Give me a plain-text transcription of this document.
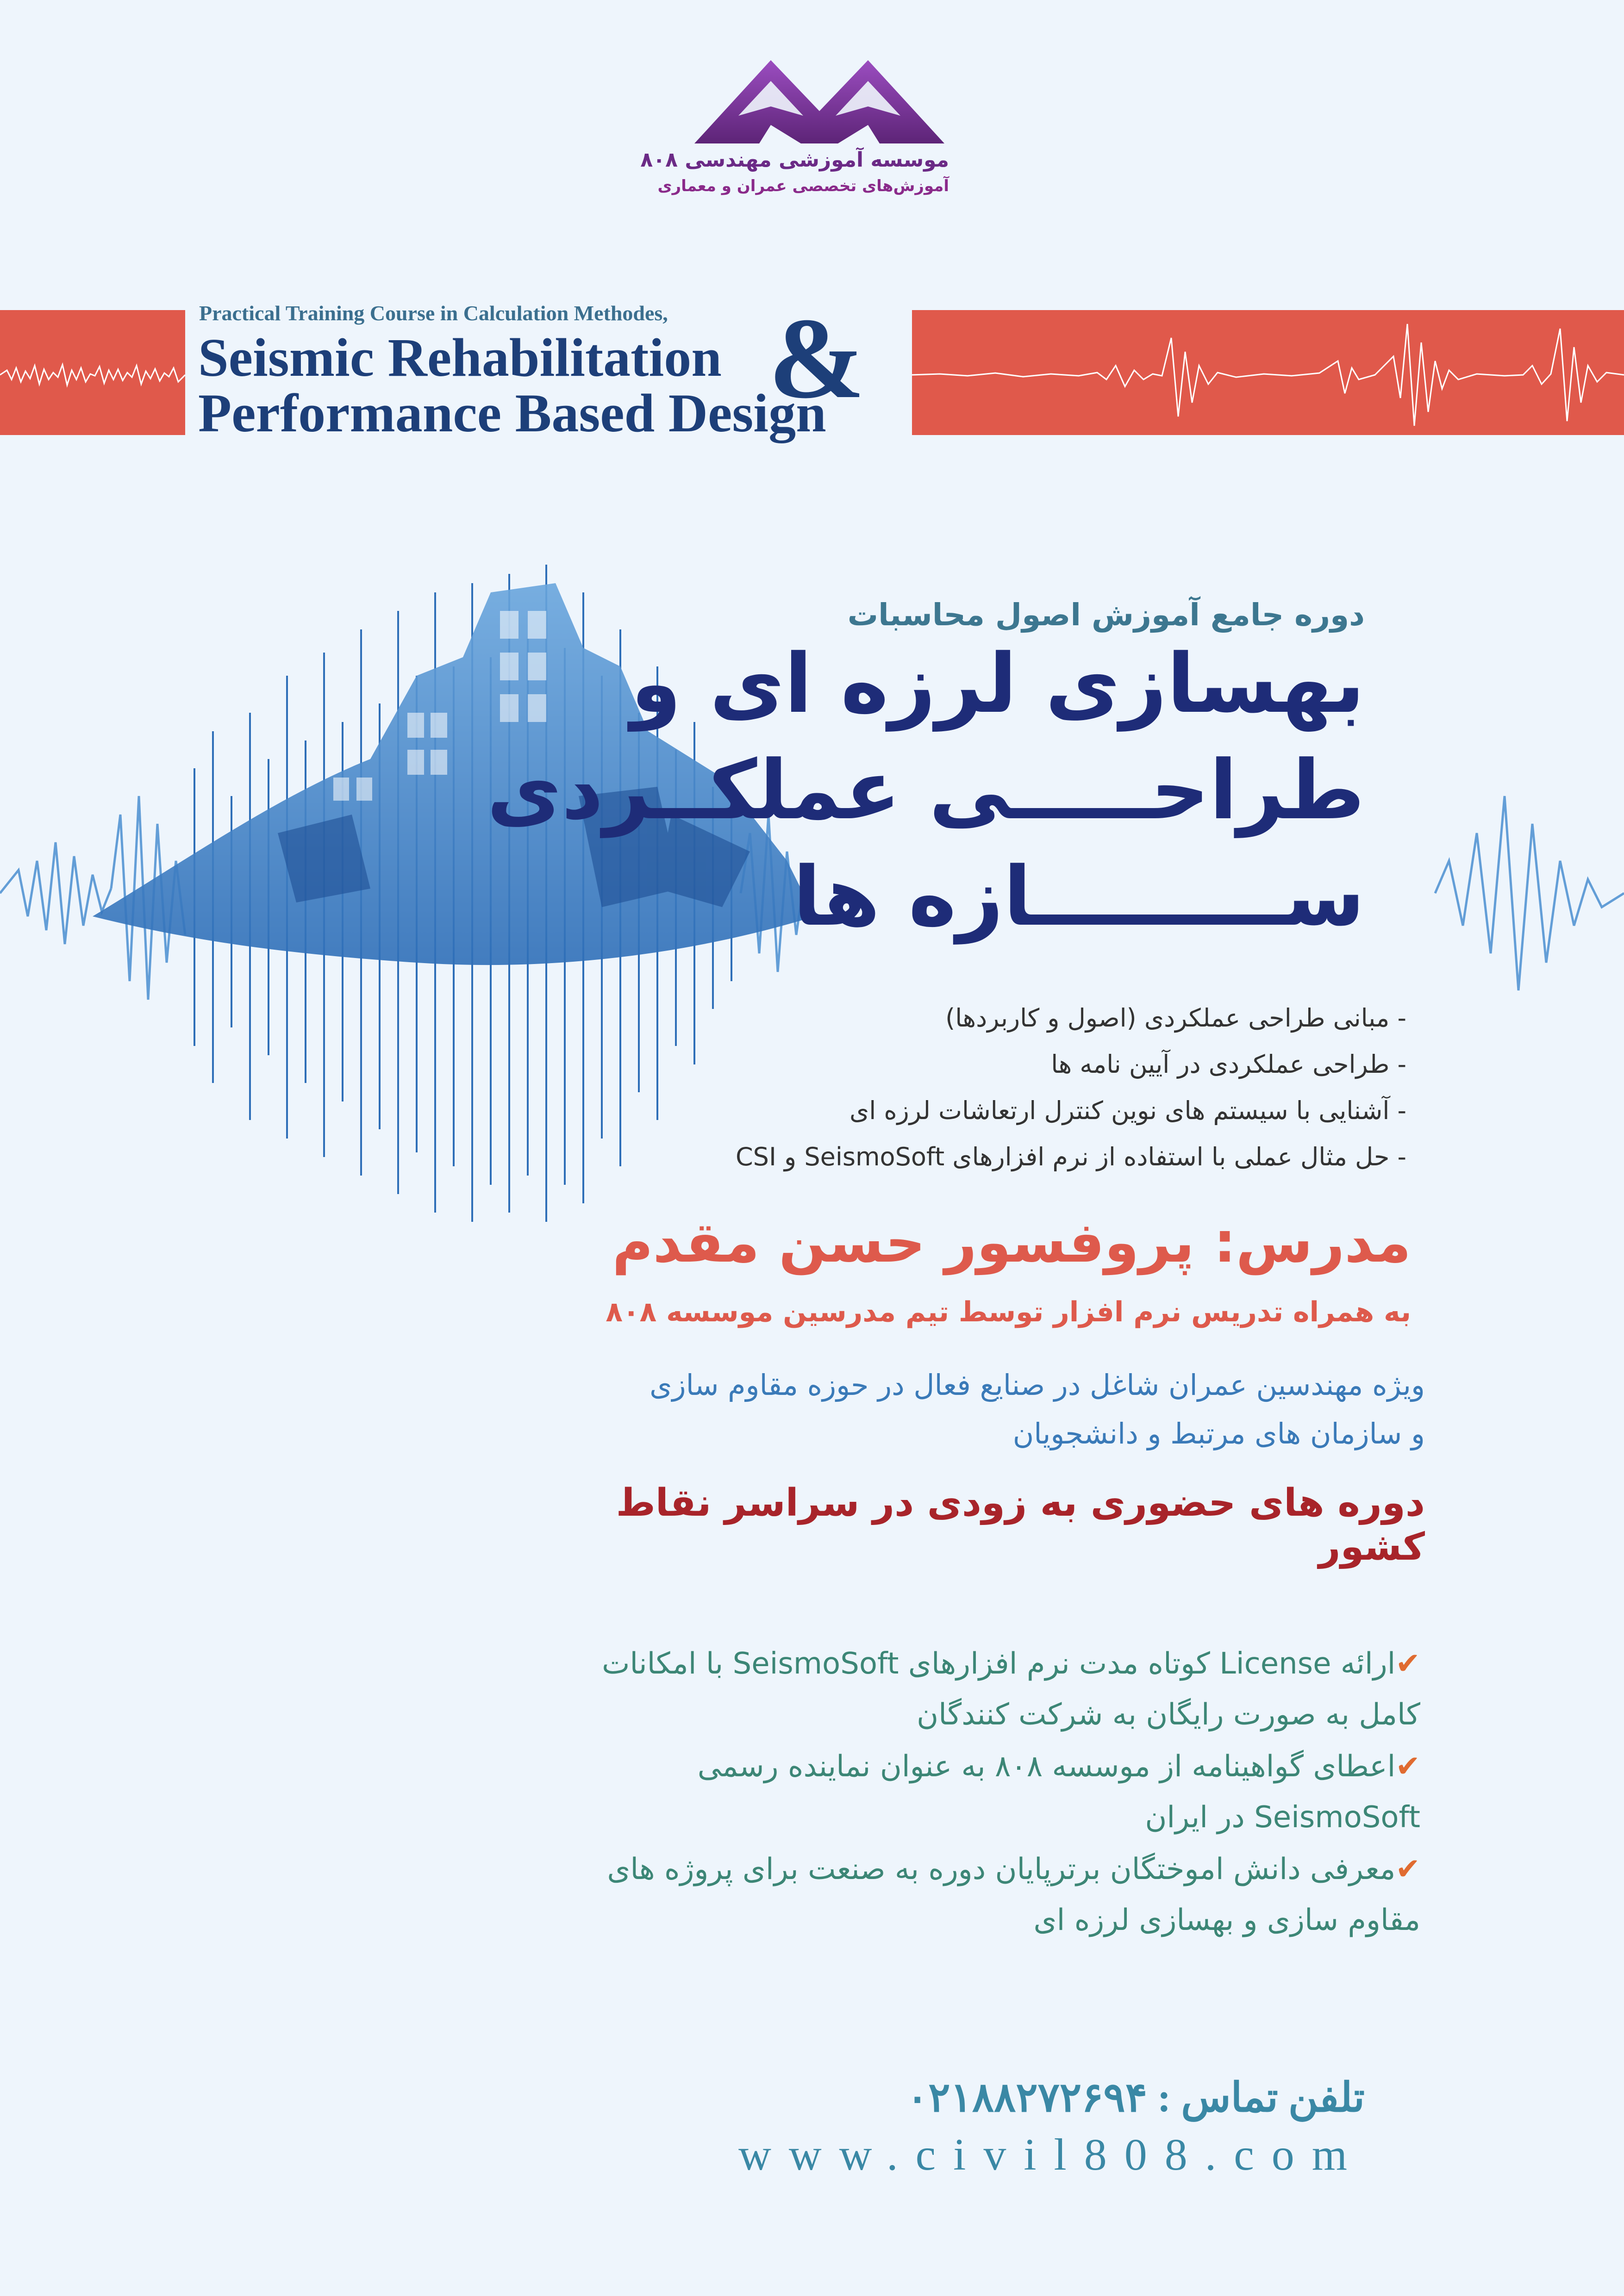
موسسه آموزشی مهندسی ۸۰۸
آموزش‌های تخصصی عمران و معماری
Practical Training Course in Calculation Methodes,
Seismic Rehabilitation
Performance Based Design
&
دوره جامع آموزش اصول محاسبات
بهسازی لرزه ای و
طراحـــــی عملکــردی
ســـــــــازه ها
- مبانی طراحی عملکردی (اصول و کاربردها)
- طراحی عملکردی در آیین نامه ها
- آشنایی با سیستم های نوین کنترل ارتعاشات لرزه ای
- حل مثال عملی با استفاده از نرم افزارهای SeismoSoft و CSI
مدرس: پروفسور حسن مقدم
به همراه تدریس نرم افزار توسط تیم مدرسین موسسه ۸۰۸
ویژه مهندسین عمران شاغل در صنایع فعال در حوزه مقاوم سازی
و سازمان های مرتبط و دانشجویان
دوره های حضوری به زودی در سراسر نقاط کشور
✔ارائه License کوتاه مدت نرم افزارهای SeismoSoft با امکانات کامل به صورت رایگان به شرکت کنندگان
✔اعطای گواهینامه از موسسه ۸۰۸ به عنوان نماینده رسمی SeismoSoft در ایران
✔معرفی دانش اموختگان برترپایان دوره به صنعت برای پروژه های مقاوم سازی و بهسازی لرزه ای
تلفن تماس : ۰۲۱۸۸۲۷۲۶۹۴
www.civil808.com
